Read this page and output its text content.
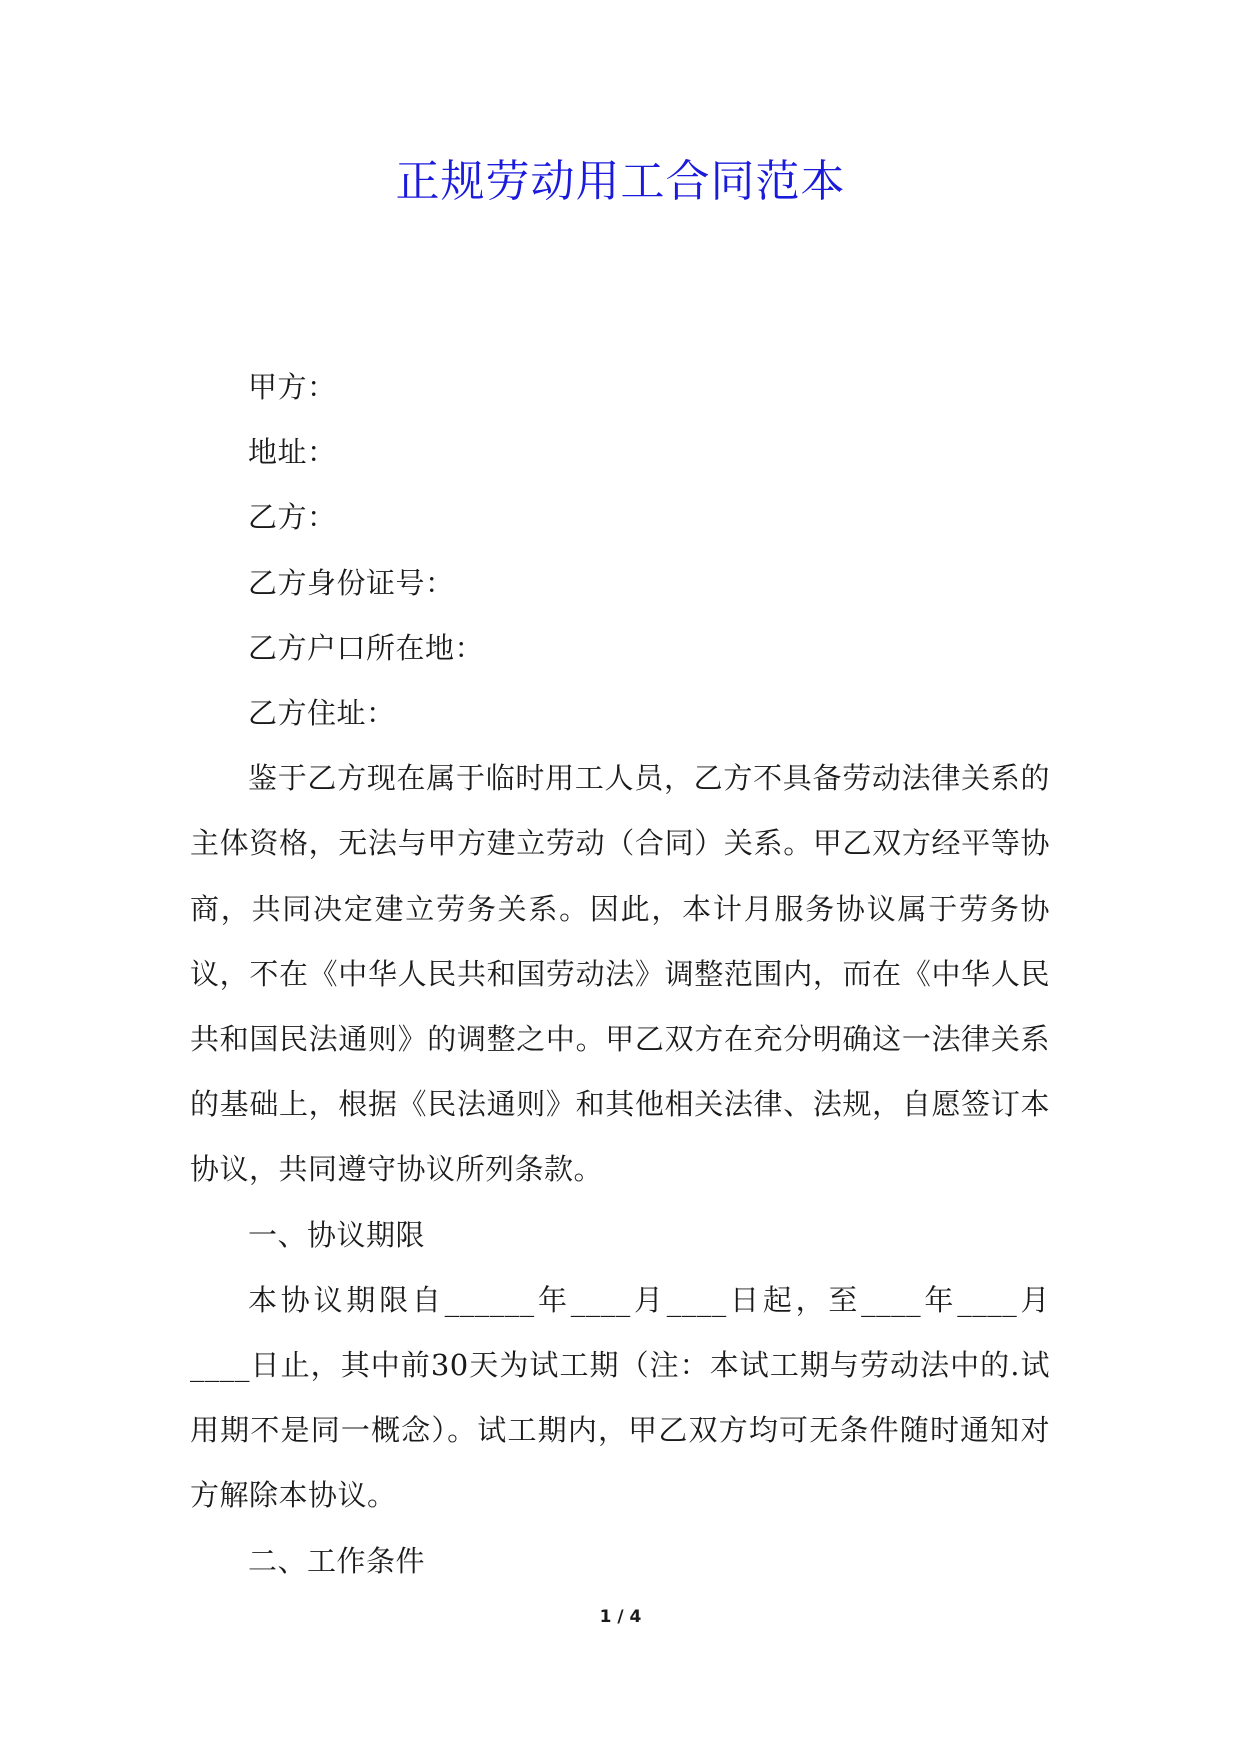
正规劳动用工合同范本

甲方：

地址：

乙方：

乙方身份证号：

乙方户口所在地：

乙方住址：

鉴于乙方现在属于临时用工人员，乙方不具备劳动法律关系的主体资格，无法与甲方建立劳动（合同）关系。甲乙双方经平等协商，共同决定建立劳务关系。因此，本计月服务协议属于劳务协议，不在《中华人民共和国劳动法》调整范围内，而在《中华人民共和国民法通则》的调整之中。甲乙双方在充分明确这一法律关系的基础上，根据《民法通则》和其他相关法律、法规，自愿签订本协议，共同遵守协议所列条款。

一、协议期限

本协议期限自______年____月____日起，至____年____月____日止，其中前30天为试工期（注：本试工期与劳动法中的.试用期不是同一概念）。试工期内，甲乙双方均可无条件随时通知对方解除本协议。

二、工作条件

1 / 4
